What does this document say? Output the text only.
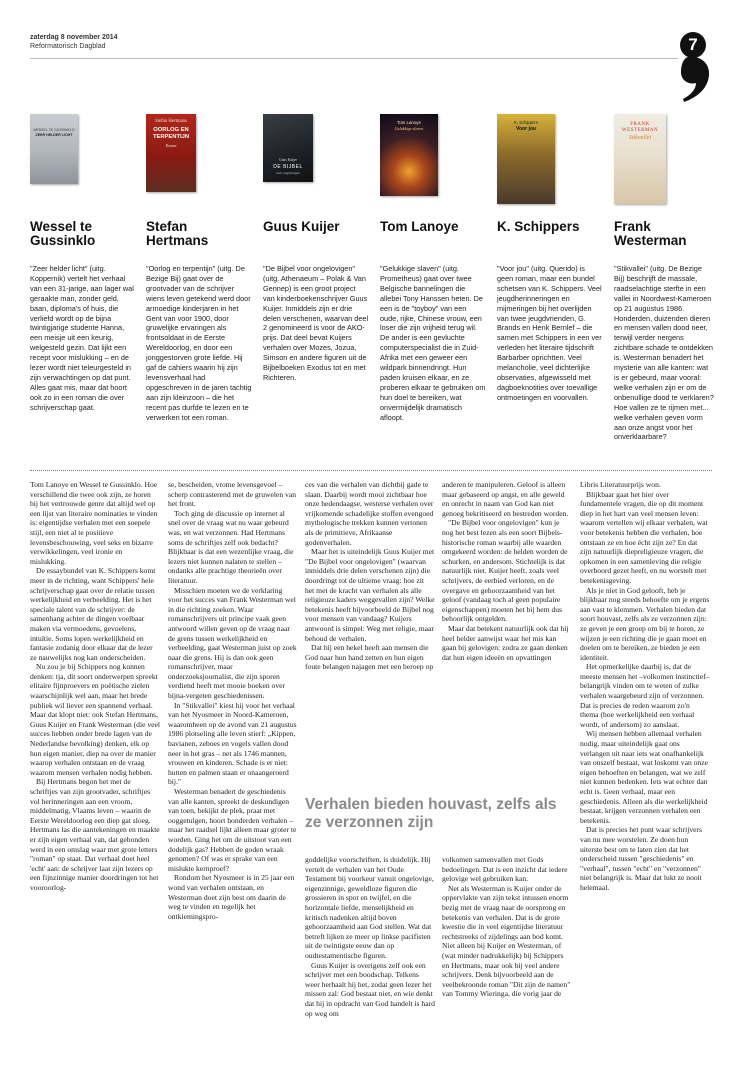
zaterdag 8 november 2014
Reformatorisch Dagblad	7
WESSEL TE GUSSINKLO
ZEER HELDER LICHT
Stefan Hertmans
OORLOG EN TERPENTIJN
Roman
Guus Kuijer
DE BIJBEL
voor ongelovigen
Tom Lanoye
Gelukkige slaven
K. Schippers
Voor jou
FRANK
WESTERMAN
Stikvallei
Wessel te Gussinklo

"Zeer helder licht" (uitg. Koppernik) vertelt het verhaal van een 31-jarige, aan lager wal geraakte man, zonder geld, baan, diploma's of huis, die verliefd wordt op de bijna twintigjarige studente Hanna, een meisje uit een keurig, welgesteld gezin. Dat lijkt een recept voor mislukking – en de lezer wordt niet teleurgesteld in zijn verwachtingen op dat punt. Alles gaat mis, maar dat hoort ook zo in een roman die over schrijverschap gaat.

Stefan Hertmans

"Oorlog en terpentijn" (uitg. De Bezige Bij) gaat over de grootvader van de schrijver wiens leven getekend werd door armoedige kinderjaren in het Gent van voor 1900, door gruwelijke ervaringen als frontsoldaat in de Eerste Wereldoorlog, en door een jonggestorven grote liefde. Hij gaf de cahiers waarin hij zijn levensverhaal had opgeschreven in de jaren tachtig aan zijn kleinzoon – die het recent pas durfde te lezen en te verwerken tot een roman.

Guus Kuijer

"De Bijbel voor ongelovigen" (uitg. Athenaeum – Polak & Van Gennep) is een groot project van kinderboekenschrijver Guus Kuijer. Inmiddels zijn er drie delen verschenen, waarvan deel 2 genomineerd is voor de AKO-prijs. Dat deel bevat Kuijers verhalen over Mozes, Jozua, Simson en andere figuren uit de Bijbelboeken Exodus tot en met Richteren.

Tom Lanoye

"Gelukkige slaven" (uitg. Prometheus) gaat over twee Belgische bannelingen die allebei Tony Hanssen heten. De een is de "toyboy" van een oude, rijke, Chinese vrouw, een loser die zijn vrijheid terug wil. De ander is een gevluchte computerspecialist die in Zuid-Afrika met een geweer een wildpark binnendringt. Hun paden kruisen elkaar, en ze proberen elkaar te gebruiken om hun doel te bereiken, wat onvermijdelijk dramatisch afloopt.

K. Schippers

"Voor jou" (uitg. Querido) is geen roman, maar een bundel schetsen van K. Schippers. Veel jeugdherinneringen en mijmeringen bij het overlijden van twee jeugdvrienden, G. Brands en Henk Bernlef – die samen met Schippers in een ver verleden het literaire tijdschrift Barbarber oprichtten. Veel melancholie, veel dichterlijke observaties, afgewisseld met dagboeknotities over toevallige ontmoetingen en voorvallen.

Frank Westerman

"Stikvallei" (uitg. De Bezige Bij) beschrijft de massale, raadselachtige sterfte in een vallei in Noordwest-Kameroen op 21 augustus 1986. Honderden, duizenden dieren en mensen vallen dood neer, terwijl verder nergens zichtbare schade te ontdekken is. Westerman benadert het mysterie van alle kanten: wat is er gebeurd, maar vooral: welke verhalen zijn er om de onbenullige dood te verklaren? Hoe vallen ze te rijmen met... welke verhalen geven vorm aan onze angst voor het onverklaarbare?

Tom Lanoye en Wessel te Gussinklo. Hoe verschillend die twee ook zijn, ze horen bij het vertrouwde genre dat altijd wel op een lijst van literaire nominaties te vinden is: eigentijdse verhalen met een soepele stijl, een niet al te positieve levensbeschouwing, veel seks en bizarre verwikkelingen, veel ironie en mislukking.

De essaybundel van K. Schippers komt meer in de richting, want Schippers' hele schrijverschap gaat over de relatie tussen werkelijkheid en verbeelding. Het is het speciale talent van de schrijver: de samenhang achter de dingen voelbaar maken via vermoedens, gevoelens, intuïtie. Soms lopen werkelijkheid en fantasie zodanig door elkaar dat de lezer ze nauwelijks nog kan onderscheiden.

Nu zou je bij Schippers nog kunnen denken: tja, dit soort onderwerpen spreekt elitaire fijnproevers en poëtische zielen waarschijnlijk wel aan, maar het brede publiek wil liever een spannend verhaal. Maar dat klopt niet: ook Stefan Hertmans, Guus Kuijer en Frank Westerman (die veel succes hebben onder brede lagen van de Nederlandse bevolking) denken, elk op hun eigen manier, diep na over de manier waarop verhalen ontstaan en de vraag waarom mensen verhalen nodig hebben.

Bij Hertmans begon het met de schriftjes van zijn grootvader, schriftjes vol herinneringen aan een vroom, middelmatig, Vlaams leven – waarin de Eerste Wereldoorlog een diep gat sloeg. Hertmans las die aantekeningen en maakte er zijn eigen verhaal van, dat gebonden werd in een omslag waar met grote letters "roman" op staat. Dat verhaal doet heel 'echt' aan: de schrijver laat zijn lezers op een fijnzinnige manier doordringen tot het vooroorlog-

se, bescheiden, vrome levensgevoel – scherp contrasterend met de gruwelen van het front.

Toch ging de discussie op internet al snel over de vraag wat nu waar gebeurd was, en wat verzonnen. Had Hertmans soms de schriftjes zelf ook bedacht? Blijkbaar is dat een wezenlijke vraag, die lezers niet kunnen nalaten te stellen – ondanks alle prachtige theorieën over literatuur.

Misschien moeten we de verklaring voor het succes van Frank Westerman wel in die richting zoeken. Waar romanschrijvers uit principe vaak geen antwoord willen geven op de vraag naar de grens tussen werkelijkheid en verbeelding, gaat Westerman juist op zoek naar die grens. Hij is dan ook geen romanschrijver, maar onderzoeksjournalist, die zijn sporen verdiend heeft met mooie boeken over bijna-vergeten geschiedenissen.

In "Stikvallei" kiest hij voor het verhaal van het Nyosmeer in Noord-Kameroen, waaromheen op de avond van 21 augustus 1986 plotseling alle leven stierf: „Kippen, bavianen, zeboes en vogels vallen dood neer in het gras – net als 1746 mannen, vrouwen en kinderen. Schade is er niet: hutten en palmen staan er onaangeroerd bij."

Westerman benadert de geschiedenis van alle kanten, spreekt de deskundigen van toen, bekijkt de plek, praat met ooggetuigen, hoort honderden verhalen – maar het raadsel lijkt alleen maar groter te worden. Ging het om de uitstoot van een dodelijk gas? Hebben de goden wraak genomen? Of was er sprake van een mislukte kernproef?

Rondom het Nyosmeer is in 25 jaar een wond van verhalen ontstaan, en Westerman doet zijn best om daarin de weg te vinden en tegelijk het ontkiemingspro-

ces van die verhalen van dichtbij gade te slaan. Daarbij wordt mooi zichtbaar hoe onze hedendaagse, westerse verhalen over vrijkomende schadelijke stoffen evengoed mythologische trekken kunnen vertonen als de primitieve, Afrikaanse godenverhalen.

Maar het is uiteindelijk Guus Kuijer met "De Bijbel voor ongelovigen" (waarvan inmiddels drie delen verschenen zijn) die doordringt tot de ultieme vraag: hoe zit het met de kracht van verhalen als alle religieuze kaders weggevallen zijn? Welke betekenis heeft bijvoorbeeld de Bijbel nog voor mensen van vandaag? Kuijers antwoord is simpel: Weg met religie, maar behoud de verhalen.

Dat hij een hekel heeft aan mensen die God naar hun hand zetten en hun eigen foute belangen najagen met een beroep op

anderen te manipuleren. Geloof is alleen maar gebaseerd op angst, en alle geweld en onrecht in naam van God kan niet genoeg bekritiseerd en bestreden worden.

"De Bijbel voor ongelovigen" kun je nog het best lezen als een soort Bijbels-historische roman waarbij alle waarden omgekeerd worden: de helden worden de schurken, en andersom. Stichtelijk is dat natuurlijk niet. Kuijer heeft, zoals veel schrijvers, de eerbied verloren, en de overgave en gehoorzaamheid van het geloof (vandaag toch al geen populaire eigenschappen) moeten het bij hem dus behoorlijk ontgelden.

Maar dat betekent natuurlijk ook dat hij heel helder aanwijst waar het mis kan gaan bij gelovigen: zodra ze gaan denken dat hun eigen ideeën en opvattingen

Verhalen bieden houvast, zelfs als ze verzonnen zijn

goddelijke voorschriften, is duidelijk. Hij vertelt de verhalen van het Oude Testament bij voorkeur vanuit ongelovige, eigenzinnige, geweldloze figuren die grossieren in spot en twijfel, en die horizontale liefde, menselijkheid en kritisch nadenken altijd boven gehoorzaamheid aan God stellen. Wat dat betreft lijken ze meer op linkse pacifisten uit de twintigste eeuw dan op oudtestamentische figuren.

Guus Kuijer is overigens zelf ook een schrijver met een boodschap. Telkens weer herhaalt hij het, zodat geen lezer het missen zal: God bestaat niet, en wie denkt dat hij in opdracht van God handelt is hard op weg om

volkomen samenvallen met Gods bedoelingen. Dat is een inzicht dat iedere gelovige wel gebruiken kan.

Net als Westerman is Kuijer onder de oppervlakte van zijn tekst intussen enorm bezig met de vraag naar de oorsprong en betekenis van verhalen. Dat is de grote kwestie die in veel eigentijdse literatuur rechtstreeks of zijdelings aan bod komt. Niet alleen bij Kuijer en Westerman, of (wat minder nadrukkelijk) bij Schippers en Hertmans, maar ook bij veel andere schrijvers. Denk bijvoorbeeld aan de veelbekroonde roman "Dit zijn de namen" van Tommy Wieringa, die vorig jaar de

Libris Literatuurprijs won.

Blijkbaar gaat het hier over fundamentele vragen, die op dit moment diep in het hart van veel mensen leven: waarom vertellen wij elkaar verhalen, wat voor betekenis hebben die verhalen, hoe ontstaan ze en hoe écht zijn ze? En dat zijn natuurlijk diepreligieuze vragen, die opkomen in een samenleving die religie overboord gezet heeft, en nu worstelt met betekenisgeving.

Als je niet in God gelooft, heb je blijkbaar nog steeds behoefte om je ergens aan vast te klemmen. Verhalen bieden dat soort houvast, zelfs als ze verzonnen zijn: ze geven je een groep om bij te horen, ze wijzen je een richting die je gaan moet en doelen om te bereiken, ze bieden je een identiteit.

Het opmerkelijke daarbij is, dat de meeste mensen het –volkomen instinctief– belangrijk vinden om te weten of zulke verhalen waargebeurd zijn of verzonnen. Dat is precies de reden waarom zo'n thema (hoe werkelijkheid een verhaal wordt, of andersom) zo aanslaat.

Wij mensen hebben allemaal verhalen nodig, maar uiteindelijk gaat ons verlangen uit naar iets wat onafhankelijk van onszelf bestaat, wat loskomt van onze eigen behoeften en belangen, wat we zelf niet kunnen bedenken. Iets wat echter dan echt is. Geen verhaal, maar een geschiedenis. Alleen als die werkelijkheid bestaat, krijgen verzonnen verhalen een betekenis.

Dat is precies het punt waar schrijvers van nu mee worstelen. Ze doen hun uiterste best om te laten zien dat het onderscheid tussen "geschiedenis" en "verhaal", tussen "echt" en "verzonnen" niet belangrijk is. Maar dat lukt ze nooit helemaal.
